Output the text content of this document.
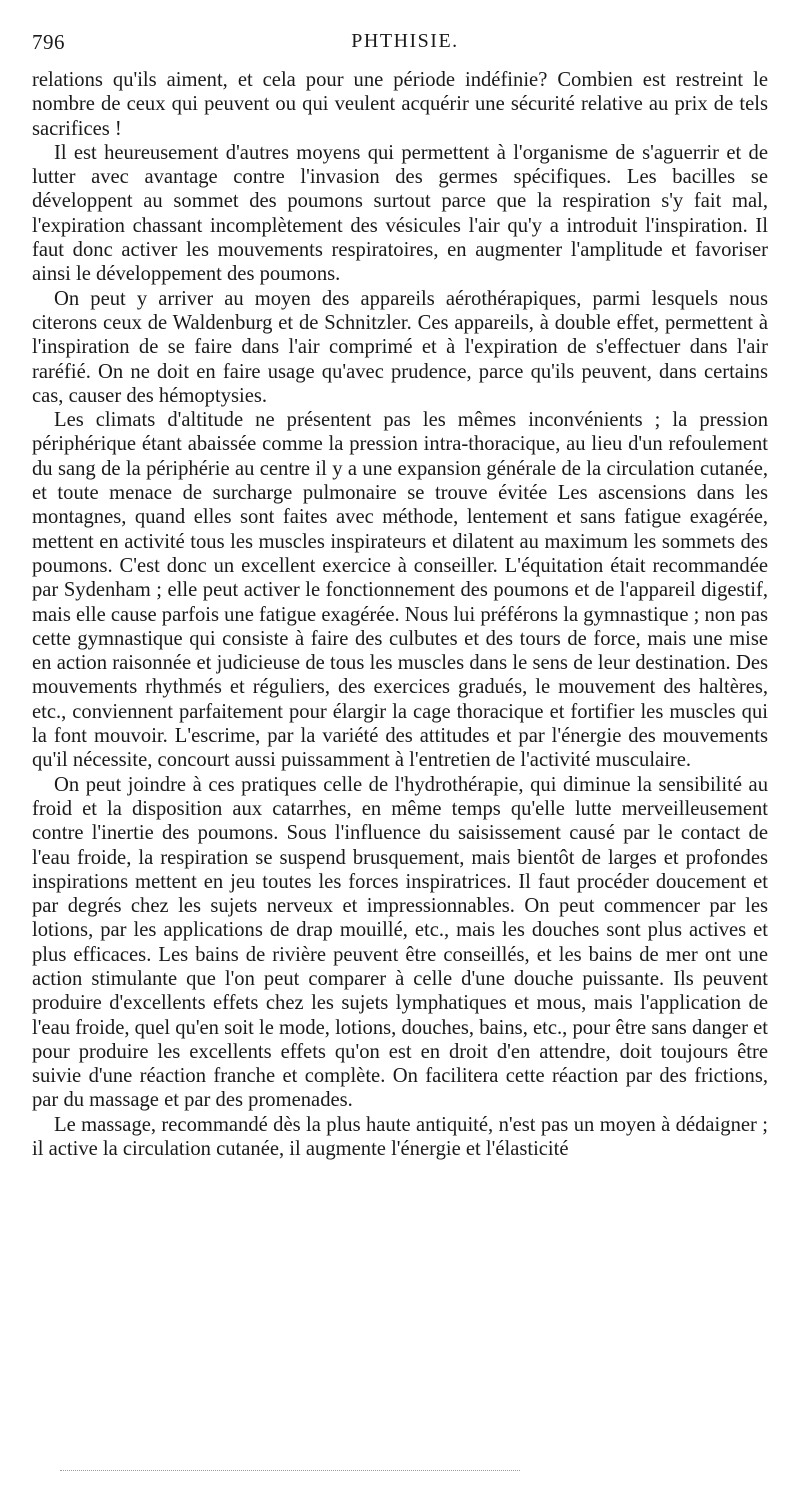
796	PHTHISIE.

relations qu'ils aiment, et cela pour une période indéfinie? Combien est restreint le nombre de ceux qui peuvent ou qui veulent acquérir une sécurité relative au prix de tels sacrifices !

Il est heureusement d'autres moyens qui permettent à l'organisme de s'aguerrir et de lutter avec avantage contre l'invasion des germes spécifiques. Les bacilles se développent au sommet des poumons surtout parce que la respiration s'y fait mal, l'expiration chassant incomplètement des vésicules l'air qu'y a introduit l'inspiration. Il faut donc activer les mouvements respiratoires, en augmenter l'amplitude et favoriser ainsi le développement des poumons.

On peut y arriver au moyen des appareils aérothérapiques, parmi lesquels nous citerons ceux de Waldenburg et de Schnitzler. Ces appareils, à double effet, permettent à l'inspiration de se faire dans l'air comprimé et à l'expiration de s'effectuer dans l'air raréfié. On ne doit en faire usage qu'avec prudence, parce qu'ils peuvent, dans certains cas, causer des hémoptysies.

Les climats d'altitude ne présentent pas les mêmes inconvénients ; la pression périphérique étant abaissée comme la pression intra-thoracique, au lieu d'un refoulement du sang de la périphérie au centre il y a une expansion générale de la circulation cutanée, et toute menace de surcharge pulmonaire se trouve évitée Les ascensions dans les montagnes, quand elles sont faites avec méthode, lentement et sans fatigue exagérée, mettent en activité tous les muscles inspirateurs et dilatent au maximum les sommets des poumons. C'est donc un excellent exercice à conseiller. L'équitation était recommandée par Sydenham ; elle peut activer le fonctionnement des poumons et de l'appareil digestif, mais elle cause parfois une fatigue exagérée. Nous lui préférons la gymnastique ; non pas cette gymnastique qui consiste à faire des culbutes et des tours de force, mais une mise en action raisonnée et judicieuse de tous les muscles dans le sens de leur destination. Des mouvements rhythmés et réguliers, des exercices gradués, le mouvement des haltères, etc., conviennent parfaitement pour élargir la cage thoracique et fortifier les muscles qui la font mouvoir. L'escrime, par la variété des attitudes et par l'énergie des mouvements qu'il nécessite, concourt aussi puissamment à l'entretien de l'activité musculaire.

On peut joindre à ces pratiques celle de l'hydrothérapie, qui diminue la sensibilité au froid et la disposition aux catarrhes, en même temps qu'elle lutte merveilleusement contre l'inertie des poumons. Sous l'influence du saisissement causé par le contact de l'eau froide, la respiration se suspend brusquement, mais bientôt de larges et profondes inspirations mettent en jeu toutes les forces inspiratrices. Il faut procéder doucement et par degrés chez les sujets nerveux et impressionnables. On peut commencer par les lotions, par les applications de drap mouillé, etc., mais les douches sont plus actives et plus efficaces. Les bains de rivière peuvent être conseillés, et les bains de mer ont une action stimulante que l'on peut comparer à celle d'une douche puissante. Ils peuvent produire d'excellents effets chez les sujets lymphatiques et mous, mais l'application de l'eau froide, quel qu'en soit le mode, lotions, douches, bains, etc., pour être sans danger et pour produire les excellents effets qu'on est en droit d'en attendre, doit toujours être suivie d'une réaction franche et complète. On facilitera cette réaction par des frictions, par du massage et par des promenades.

Le massage, recommandé dès la plus haute antiquité, n'est pas un moyen à dédaigner ; il active la circulation cutanée, il augmente l'énergie et l'élasticité
